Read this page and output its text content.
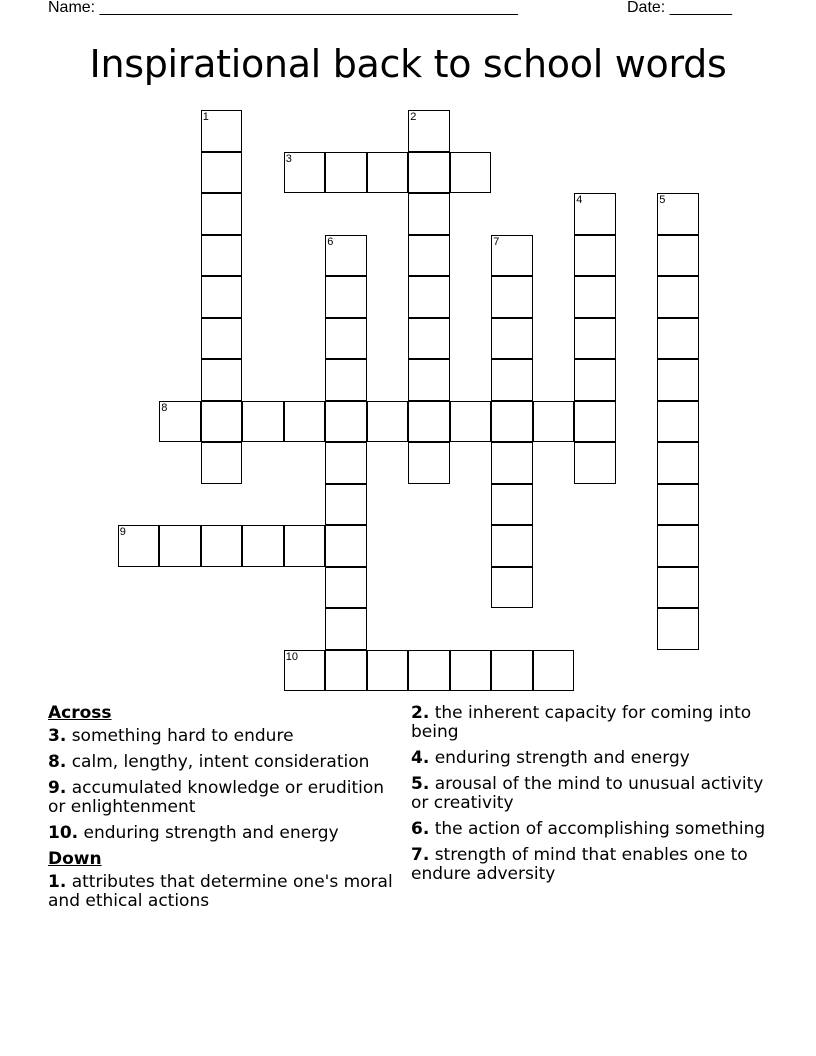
Name: _______________________________________________	Date: _______
Inspirational back to school words
1	2
3
4	5
6	7
8
9
10
Across
3. something hard to endure
8. calm, lengthy, intent consideration
9. accumulated knowledge or erudition or enlightenment
10. enduring strength and energy
Down
1. attributes that determine one's moral and ethical actions
2. the inherent capacity for coming into being
4. enduring strength and energy
5. arousal of the mind to unusual activity or creativity
6. the action of accomplishing something
7. strength of mind that enables one to endure adversity
